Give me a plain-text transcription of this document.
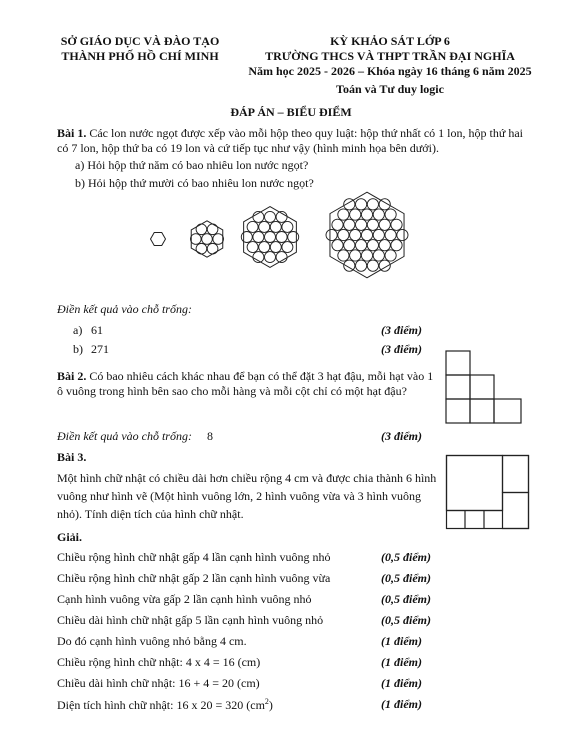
SỞ GIÁO DỤC VÀ ĐÀO TẠO
THÀNH PHỐ HỒ CHÍ MINH
KỲ KHẢO SÁT LỚP 6
TRƯỜNG THCS VÀ THPT TRẦN ĐẠI NGHĨA
Năm học 2025 - 2026 – Khóa ngày 16 tháng 6 năm 2025
Toán và Tư duy logic
ĐÁP ÁN – BIỂU ĐIỂM
Bài 1. Các lon nước ngọt được xếp vào mỗi hộp theo quy luật: hộp thứ nhất có 1 lon, hộp thứ hai có 7 lon, hộp thứ ba có 19 lon và cứ tiếp tục như vậy (hình minh họa bên dưới).
a) Hỏi hộp thứ năm có bao nhiêu lon nước ngọt?
b) Hỏi hộp thứ mười có bao nhiêu lon nước ngọt?
Điền kết quả vào chỗ trống:
a) 61	(3 điểm)
b) 271	(3 điểm)
Bài 2. Có bao nhiêu cách khác nhau để bạn có thể đặt 3 hạt đậu, mỗi hạt vào 1 ô vuông trong hình bên sao cho mỗi hàng và mỗi cột chỉ có một hạt đậu?
Điền kết quả vào chỗ trống: 8	(3 điểm)
Bài 3.
Một hình chữ nhật có chiều dài hơn chiều rộng 4 cm và được chia thành 6 hình vuông như hình vẽ (Một hình vuông lớn, 2 hình vuông vừa và 3 hình vuông nhỏ). Tính diện tích của hình chữ nhật.
Giải.
Chiều rộng hình chữ nhật gấp 4 lần cạnh hình vuông nhỏ	(0,5 điểm)
Chiều rộng hình chữ nhật gấp 2 lần cạnh hình vuông vừa	(0,5 điểm)
Cạnh hình vuông vừa gấp 2 lần cạnh hình vuông nhỏ	(0,5 điểm)
Chiều dài hình chữ nhật gấp 5 lần cạnh hình vuông nhỏ	(0,5 điểm)
Do đó cạnh hình vuông nhỏ bằng 4 cm.	(1 điểm)
Chiều rộng hình chữ nhật: 4 x 4 = 16 (cm)	(1 điểm)
Chiều dài hình chữ nhật: 16 + 4 = 20 (cm)	(1 điểm)
Diện tích hình chữ nhật: 16 x 20 = 320 $(cm^2)$	(1 điểm)
